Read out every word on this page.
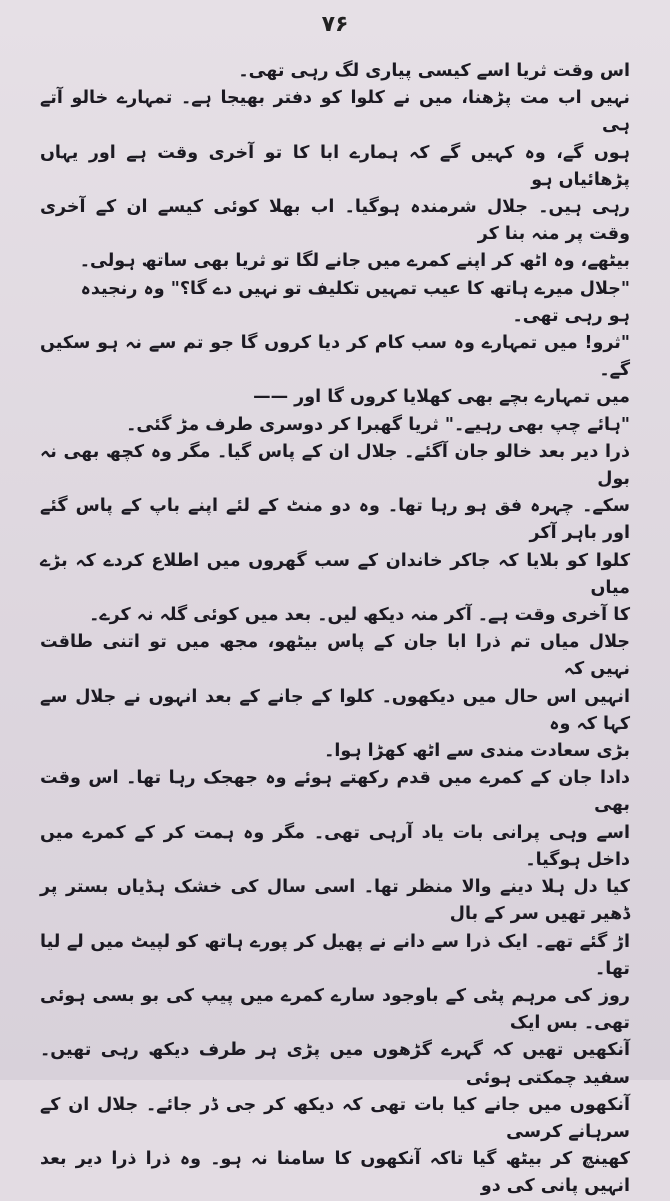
۷۶

اس وقت ثریا اسے کیسی پیاری لگ رہی تھی۔

نہیں اب مت پڑھنا، میں نے کلوا کو دفتر بھیجا ہے۔ تمہارے خالو آتے ہی

ہوں گے، وہ کہیں گے کہ ہمارے ابا کا تو آخری وقت ہے اور یہاں پڑھائیاں ہو

رہی ہیں۔ جلال شرمندہ ہوگیا۔ اب بھلا کوئی کیسے ان کے آخری وقت پر منہ بنا کر

بیٹھے، وہ اٹھ کر اپنے کمرے میں جانے لگا تو ثریا بھی ساتھ ہولی۔

"جلال میرے ہاتھ کا عیب تمہیں تکلیف تو نہیں دے گا؟" وہ رنجیدہ

ہو رہی تھی۔

"ثرو! میں تمہارے وہ سب کام کر دیا کروں گا جو تم سے نہ ہو سکیں گے۔

میں تمہارے بچے بھی کھلایا کروں گا اور ——

"ہائے چپ بھی رہیے۔" ثریا گھبرا کر دوسری طرف مڑ گئی۔

ذرا دیر بعد خالو جان آگئے۔ جلال ان کے پاس گیا۔ مگر وہ کچھ بھی نہ بول

سکے۔ چہرہ فق ہو رہا تھا۔ وہ دو منٹ کے لئے اپنے باپ کے پاس گئے اور باہر آکر

کلوا کو بلایا کہ جاکر خاندان کے سب گھروں میں اطلاع کردے کہ بڑے میاں

کا آخری وقت ہے۔ آکر منہ دیکھ لیں۔ بعد میں کوئی گلہ نہ کرے۔

جلال میاں تم ذرا ابا جان کے پاس بیٹھو، مجھ میں تو اتنی طاقت نہیں کہ

انہیں اس حال میں دیکھوں۔ کلوا کے جانے کے بعد انہوں نے جلال سے کہا کہ وہ

بڑی سعادت مندی سے اٹھ کھڑا ہوا۔

دادا جان کے کمرے میں قدم رکھتے ہوئے وہ جھجک رہا تھا۔ اس وقت بھی

اسے وہی پرانی بات یاد آرہی تھی۔ مگر وہ ہمت کر کے کمرے میں داخل ہوگیا۔

کیا دل ہلا دینے والا منظر تھا۔ اسی سال کی خشک ہڈیاں بستر پر ڈھیر تھیں سر کے بال

اڑ گئے تھے۔ ایک ذرا سے دانے نے پھیل کر پورے ہاتھ کو لپیٹ میں لے لیا تھا۔

روز کی مرہم پٹی کے باوجود سارے کمرے میں پیپ کی بو بسی ہوئی تھی۔ بس ایک

آنکھیں تھیں کہ گہرے گڑھوں میں پڑی ہر طرف دیکھ رہی تھیں۔ سفید چمکتی ہوئی

آنکھوں میں جانے کیا بات تھی کہ دیکھ کر جی ڈر جائے۔ جلال ان کے سرہانے کرسی

کھینچ کر بیٹھ گیا تاکہ آنکھوں کا سامنا نہ ہو۔ وہ ذرا ذرا دیر بعد انہیں پانی کی دو
